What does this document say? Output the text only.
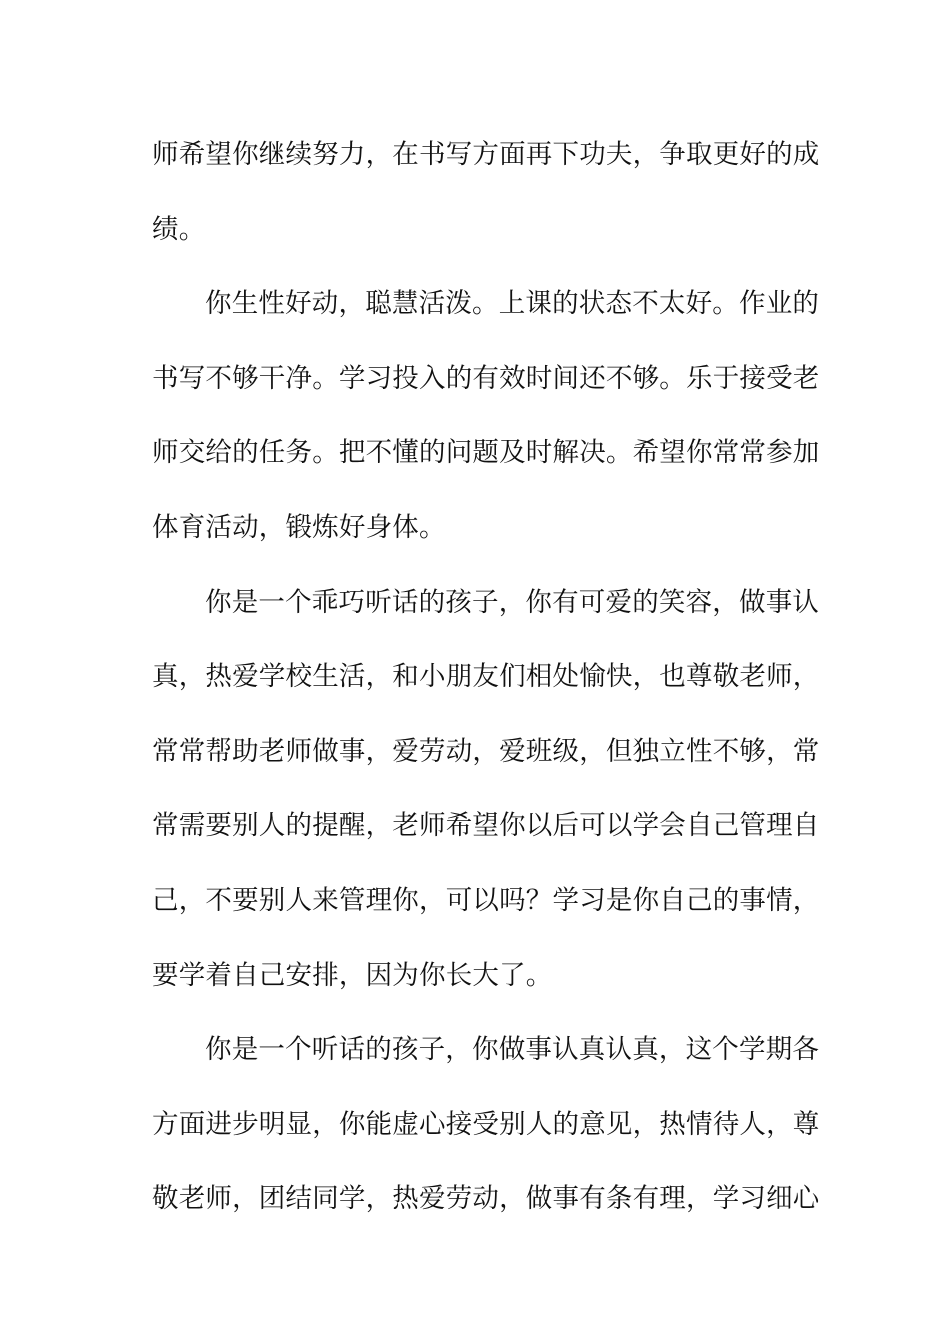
师希望你继续努力，在书写方面再下功夫，争取更好的成
绩。
你生性好动，聪慧活泼。上课的状态不太好。作业的
书写不够干净。学习投入的有效时间还不够。乐于接受老
师交给的任务。把不懂的问题及时解决。希望你常常参加
体育活动，锻炼好身体。
你是一个乖巧听话的孩子，你有可爱的笑容，做事认
真，热爱学校生活，和小朋友们相处愉快，也尊敬老师，
常常帮助老师做事，爱劳动，爱班级，但独立性不够，常
常需要别人的提醒，老师希望你以后可以学会自己管理自
己，不要别人来管理你，可以吗？学习是你自己的事情，
要学着自己安排，因为你长大了。
你是一个听话的孩子，你做事认真认真，这个学期各
方面进步明显，你能虚心接受别人的意见，热情待人，尊
敬老师，团结同学，热爱劳动，做事有条有理，学习细心
